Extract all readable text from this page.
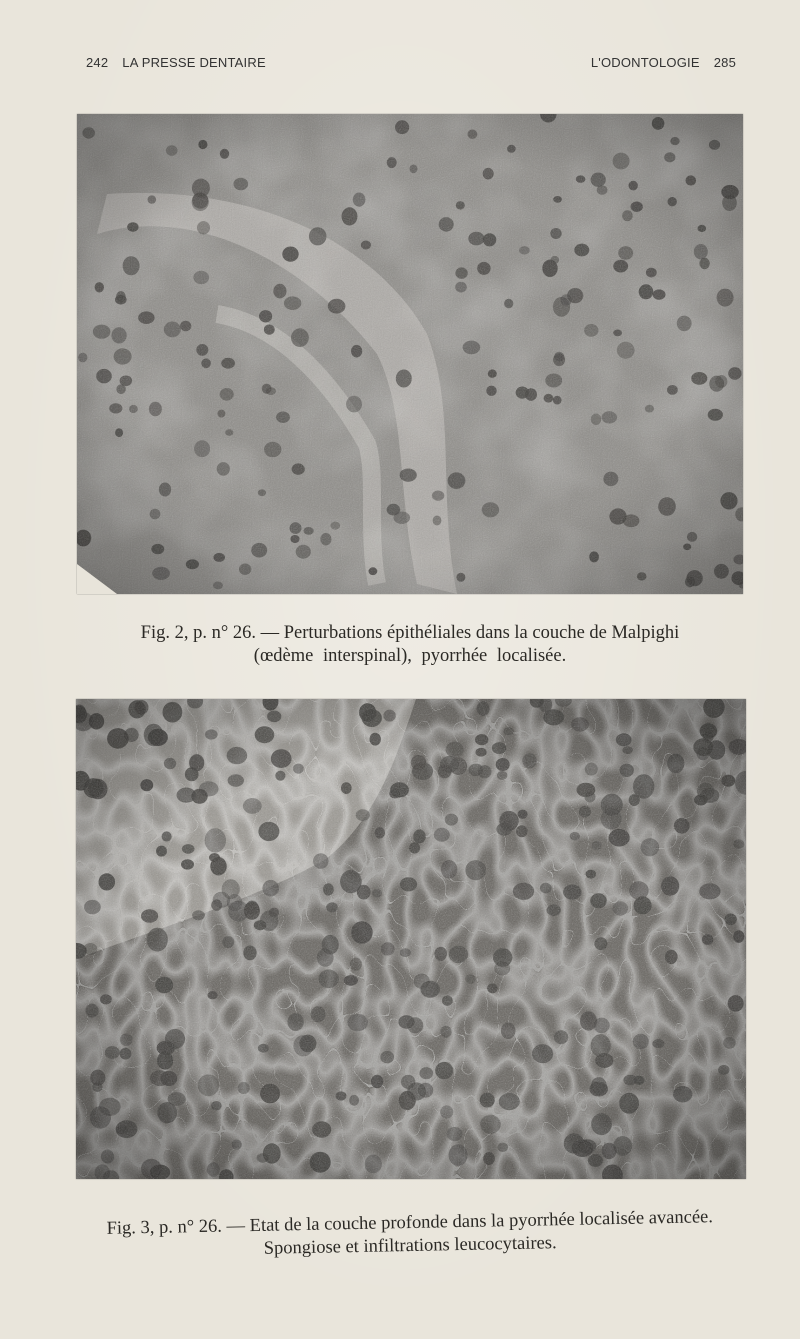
242 LA PRESSE DENTAIRE	L'ODONTOLOGIE 285
Fig. 2, p. n° 26. — Perturbations épithéliales dans la couche de Malpighi
(œdème interspinal), pyorrhée localisée.
Fig. 3, p. n° 26. — Etat de la couche profonde dans la pyorrhée localisée avancée.
Spongiose et infiltrations leucocytaires.
